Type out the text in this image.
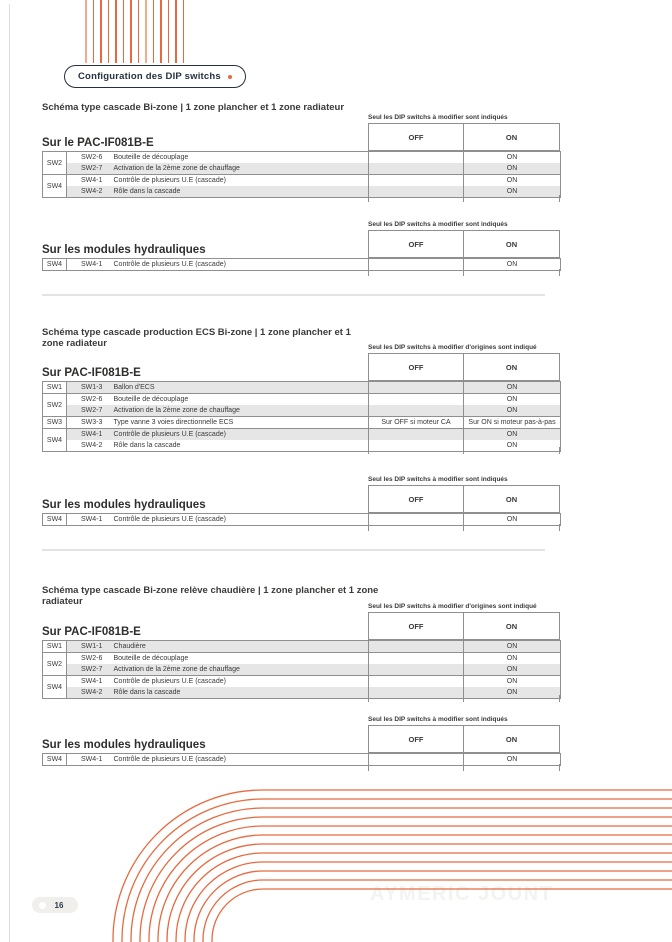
Configuration des DIP switchs
Schéma type cascade Bi-zone | 1 zone plancher et 1 zone radiateur
Seul les DIP switchs à modifier sont indiqués
OFF	ON
Sur le PAC-IF081B-E
SW2	SW2-6	Bouteille de découplage		ON
	SW2-7	Activation de la 2ème zone de chauffage		ON
SW4	SW4-1	Contrôle de plusieurs U.E (cascade)		ON
	SW4-2	Rôle dans la cascade		ON
Seul les DIP switchs à modifier sont indiqués
OFF	ON
Sur les modules hydrauliques
SW4	SW4-1	Contrôle de plusieurs U.E (cascade)		ON
Schéma type cascade production ECS Bi-zone | 1 zone plancher et 1 zone radiateur	Seul les DIP switchs à modifier d'origines sont indiqué
OFF	ON
Sur PAC-IF081B-E
SW1	SW1-3	Ballon d'ECS		ON
SW2	SW2-6	Bouteille de découplage		ON
	SW2-7	Activation de la 2ème zone de chauffage		ON
SW3	SW3-3	Type vanne 3 voies directionnelle ECS	Sur OFF si moteur CA	Sur ON si moteur pas-à-pas
SW4	SW4-1	Contrôle de plusieurs U.E (cascade)		ON
	SW4-2	Rôle dans la cascade		ON
Seul les DIP switchs à modifier sont indiqués
OFF	ON
Sur les modules hydrauliques
SW4	SW4-1	Contrôle de plusieurs U.E (cascade)		ON
Schéma type cascade Bi-zone relève chaudière | 1 zone plancher et 1 zone radiateur	Seul les DIP switchs à modifier d'origines sont indiqué
OFF	ON
Sur PAC-IF081B-E
SW1	SW1-1	Chaudière		ON
SW2	SW2-6	Bouteille de découplage		ON
	SW2-7	Activation de la 2ème zone de chauffage		ON
SW4	SW4-1	Contrôle de plusieurs U.E (cascade)		ON
	SW4-2	Rôle dans la cascade		ON
Seul les DIP switchs à modifier sont indiqués
OFF	ON
Sur les modules hydrauliques
SW4	SW4-1	Contrôle de plusieurs U.E (cascade)		ON
AYMERIC JOUNT
16
